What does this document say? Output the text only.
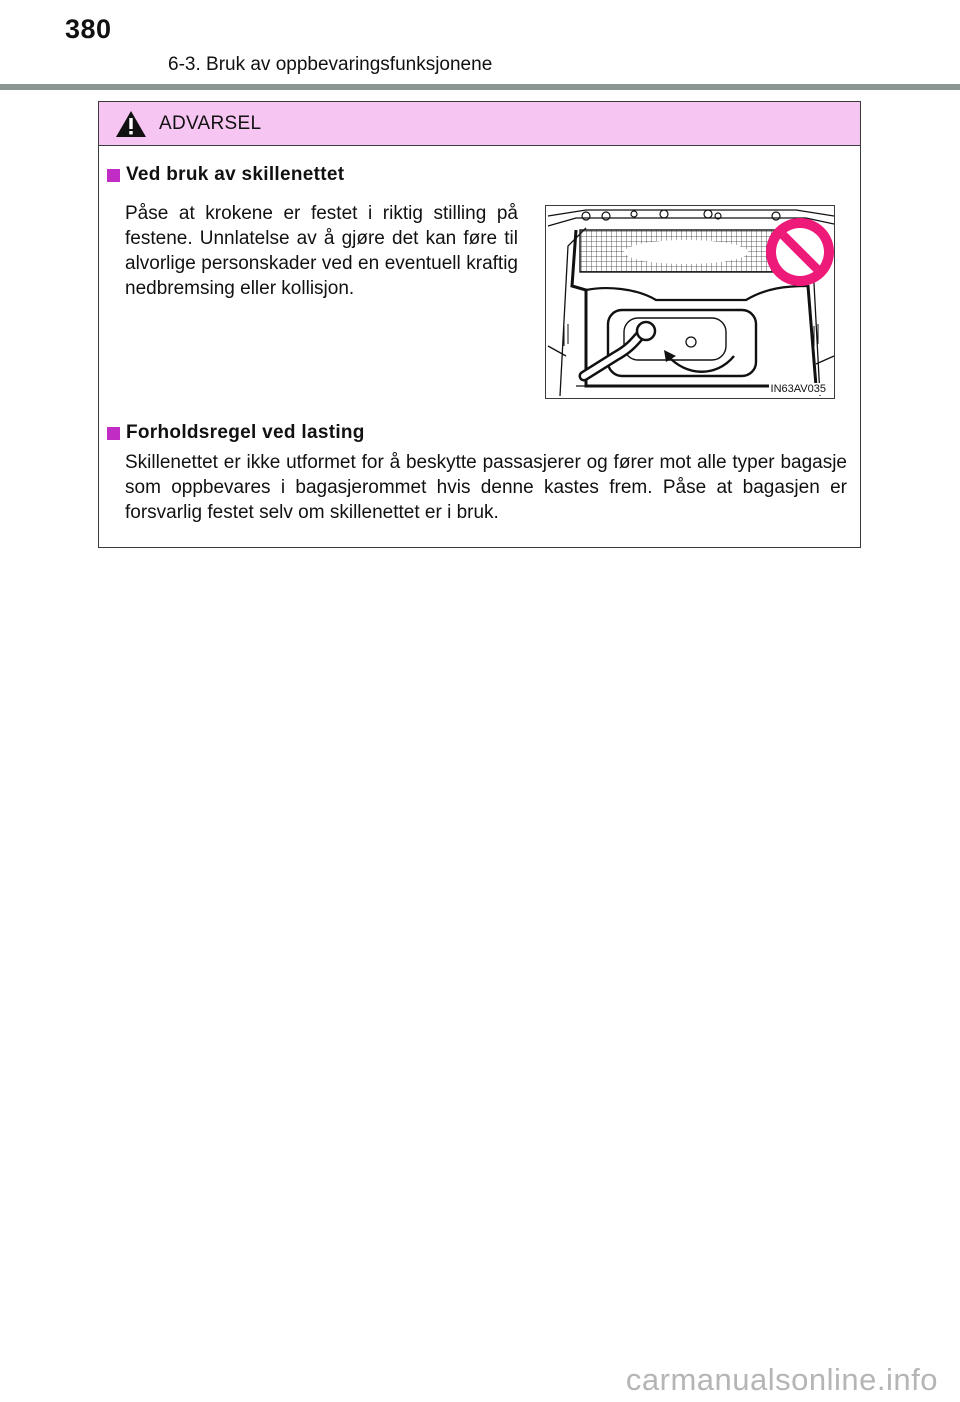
380
6-3. Bruk av oppbevaringsfunksjonene
ADVARSEL
Ved bruk av skillenettet
Påse at krokene er festet i riktig stilling på festene. Unnlatelse av å gjøre det kan føre til alvorlige personskader ved en eventuell kraftig nedbremsing eller kollisjon.
IN63AV035
Forholdsregel ved lasting
Skillenettet er ikke utformet for å beskytte passasjerer og fører mot alle typer bagasje som oppbevares i bagasjerommet hvis denne kastes frem. Påse at bagasjen er forsvarlig festet selv om skillenettet er i bruk.
carmanualsonline.info
